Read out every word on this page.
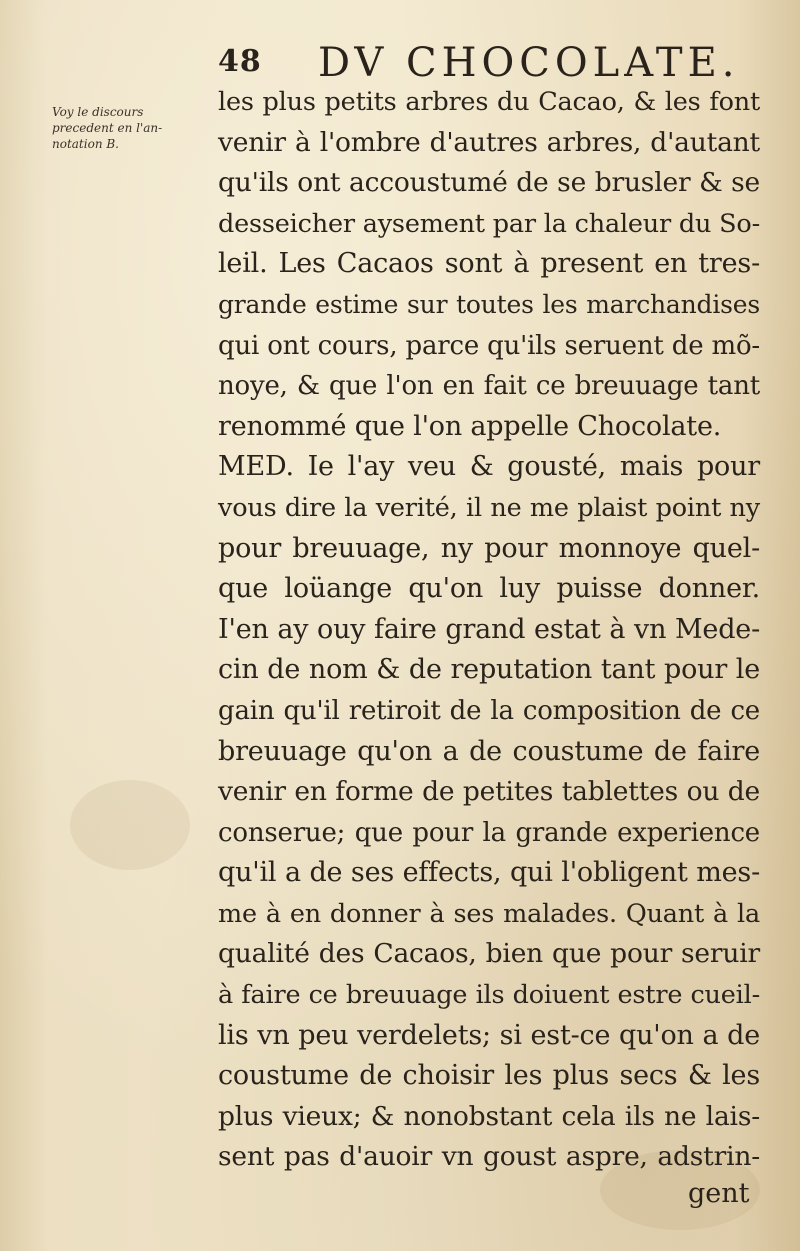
48 DV CHOCOLATE.
Voy le discours
precedent en l'an-
notation B.
les plus petits arbres du Cacao, & les font
venir à l'ombre d'autres arbres, d'autant
qu'ils ont accoustumé de se brusler & se
desseicher aysement par la chaleur du So-
leil. Les Cacaos sont à present en tres-
grande estime sur toutes les marchandises
qui ont cours, parce qu'ils seruent de mõ-
noye, & que l'on en fait ce breuuage tant
renommé que l'on appelle Chocolate.
MED. Ie l'ay veu & gousté, mais pour
vous dire la verité, il ne me plaist point ny
pour breuuage, ny pour monnoye quel-
que loüange qu'on luy puisse donner.
I'en ay ouy faire grand estat à vn Mede-
cin de nom & de reputation tant pour le
gain qu'il retiroit de la composition de ce
breuuage qu'on a de coustume de faire
venir en forme de petites tablettes ou de
conserue; que pour la grande experience
qu'il a de ses effects, qui l'obligent mes-
me à en donner à ses malades. Quant à la
qualité des Cacaos, bien que pour seruir
à faire ce breuuage ils doiuent estre cueil-
lis vn peu verdelets; si est-ce qu'on a de
coustume de choisir les plus secs & les
plus vieux; & nonobstant cela ils ne lais-
sent pas d'auoir vn goust aspre, adstrin-
gent
